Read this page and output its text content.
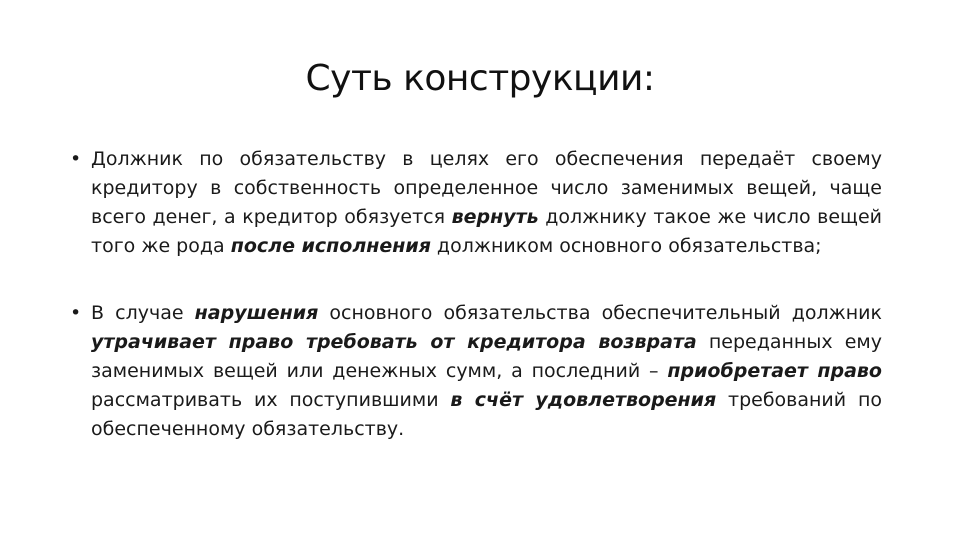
Суть конструкции:
• Должник по обязательству в целях его обеспечения передаёт своему кредитору в собственность определенное число заменимых вещей, чаще всего денег, а кредитор обязуется вернуть должнику такое же число вещей того же рода после исполнения должником основного обязательства;
• В случае нарушения основного обязательства обеспечительный должник утрачивает право требовать от кредитора возврата переданных ему заменимых вещей или денежных сумм, а последний – приобретает право рассматривать их поступившими в счёт удовлетворения требований по обеспеченному обязательству.
